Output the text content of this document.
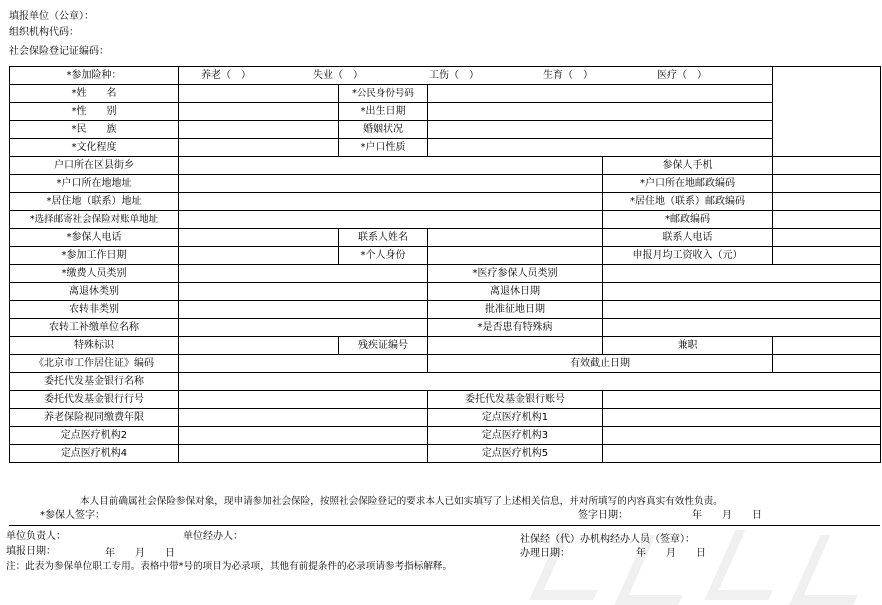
填报单位（公章）：
组织机构代码：
社会保险登记证编码：
*参加险种：	养老（　） 失业（　） 工伤（　） 生育（　） 医疗（　）				
*姓　　名		*公民身份号码			
*性　　别		*出生日期			
*民　　族		婚姻状况			
*文化程度		*户口性质			
户口所在区县街乡				参保人手机	
*户口所在地地址				*户口所在地邮政编码	
*居住地（联系）地址				*居住地（联系）邮政编码	
*选择邮寄社会保险对账单地址				*邮政编码	
*参保人电话		联系人姓名		联系人电话	
*参加工作日期		*个人身份		申报月均工资收入（元）	
*缴费人员类别			*医疗参保人员类别		
离退休类别			离退休日期		
农转非类别			批准征地日期		
农转工补缴单位名称			*是否患有特殊病		
特殊标识		残疾证编号		兼职	
《北京市工作居住证》编码			有效截止日期		
委托代发基金银行名称					
委托代发基金银行行号			委托代发基金银行账号		
养老保险视同缴费年限			定点医疗机构1		
定点医疗机构2			定点医疗机构3		
定点医疗机构4			定点医疗机构5		
本人目前确属社会保险参保对象，现申请参加社会保险，按照社会保险登记的要求本人已如实填写了上述相关信息，并对所填写的内容真实有效性负责。
*参保人签字：	签字日期：	年　　月　　日
单位负责人：	单位经办人：	社保经（代）办机构经办人员（签章）：
填报日期：	年　　月　　日	办理日期：	年　　月　　日
注：此表为参保单位职工专用。表格中带*号的项目为必录项，其他有前提条件的必录项请参考指标解释。
